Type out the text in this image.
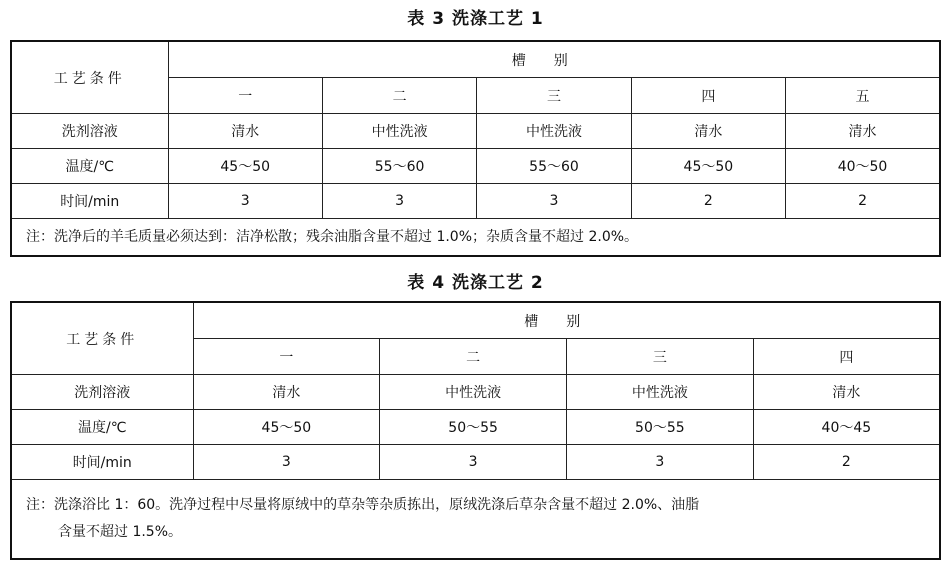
表 3 洗涤工艺 1
工艺条件	槽别				
	一	二	三	四	五
洗剂溶液	清水	中性洗液	中性洗液	清水	清水
温度/℃	45～50	55～60	55～60	45～50	40～50
时间/min	3	3	3	2	2
注：洗净后的羊毛质量必须达到：洁净松散；残余油脂含量不超过 1.0%；杂质含量不超过 2.0%。					
表 4 洗涤工艺 2
工艺条件	槽别			
	一	二	三	四
洗剂溶液	清水	中性洗液	中性洗液	清水
温度/℃	45～50	50～55	50～55	40～45
时间/min	3	3	3	2
注：洗涤浴比 1：60。洗净过程中尽量将原绒中的草杂等杂质拣出，原绒洗涤后草杂含量不超过 2.0%、油脂
含量不超过 1.5%。				
